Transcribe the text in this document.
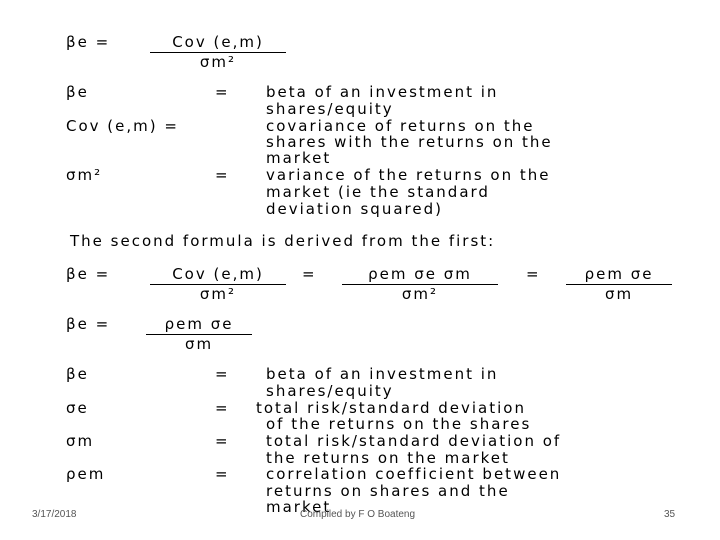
βe =	Cov (e,m)
σm²
βe	= beta of an investment in
shares/equity
Cov (e,m) =	covariance of returns on the
shares with the returns on the
market
σm²	= variance of the returns on the
market (ie the standard
deviation squared)
The second formula is derived from the first:
βe =	Cov (e,m)
σm²
=	ρem σe σm
σm²
=	ρem σe
σm
βe =	ρem σe
σm
βe	= beta of an investment in
shares/equity
σe	= total risk/standard deviation
of the returns on the shares
σm	= total risk/standard deviation of
the returns on the market
ρem	= correlation coefficient between
returns on shares and the
market
3/17/2018	Compiled by F O Boateng	35
